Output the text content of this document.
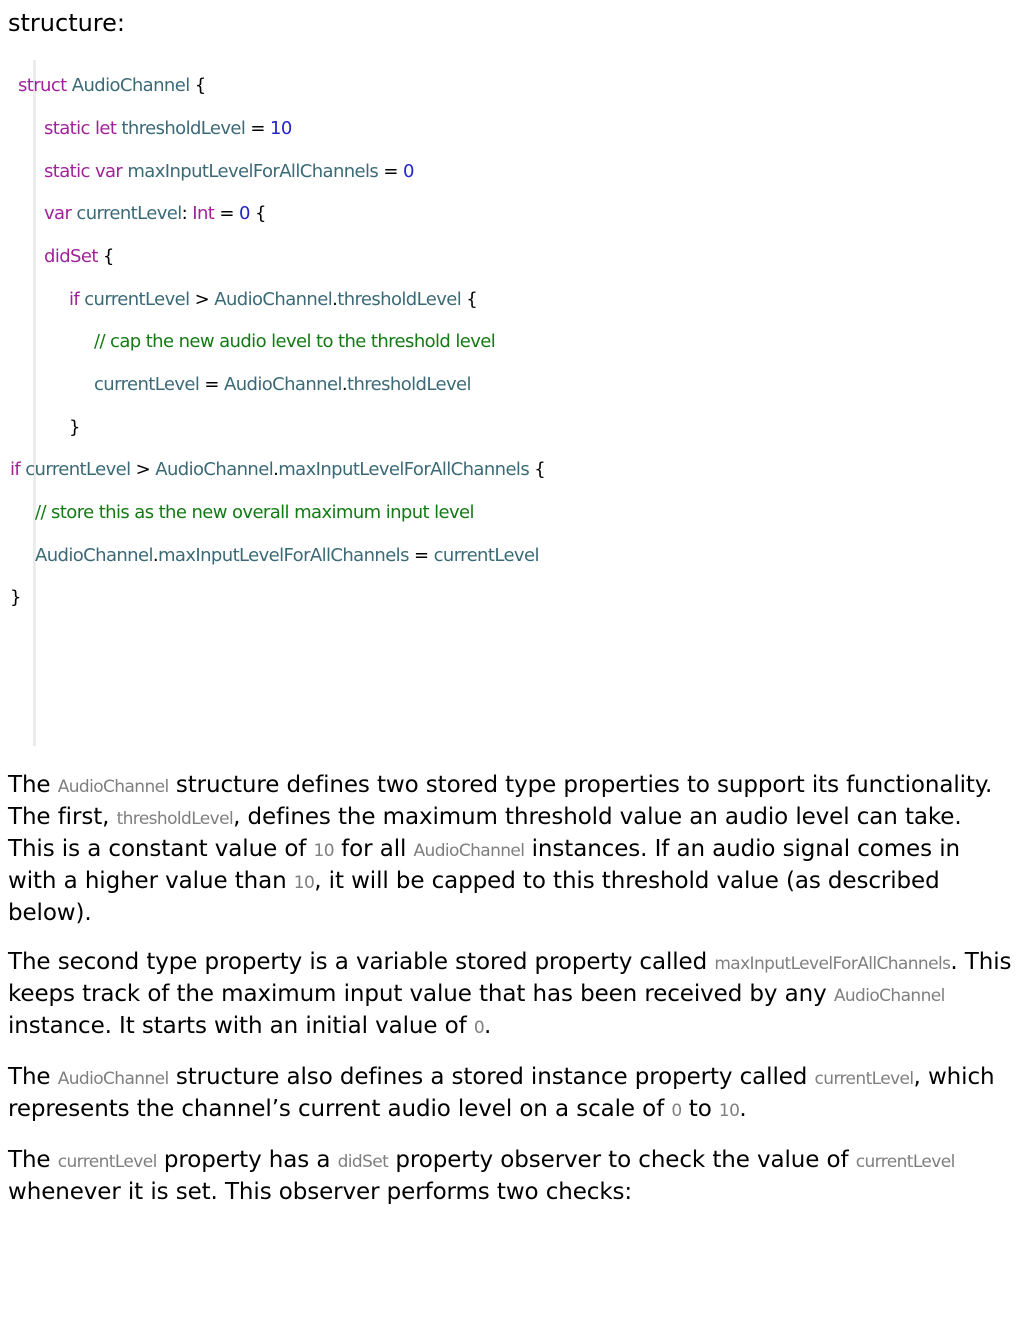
structure:
struct AudioChannel {
static let thresholdLevel = 10
static var maxInputLevelForAllChannels = 0
var currentLevel: Int = 0 {
didSet {
if currentLevel > AudioChannel.thresholdLevel {
// cap the new audio level to the threshold level
currentLevel = AudioChannel.thresholdLevel
}
if currentLevel > AudioChannel.maxInputLevelForAllChannels {
// store this as the new overall maximum input level
AudioChannel.maxInputLevelForAllChannels = currentLevel
}

The AudioChannel structure defines two stored type properties to support its functionality. The first, thresholdLevel, defines the maximum threshold value an audio level can take. This is a constant value of 10 for all AudioChannel instances. If an audio signal comes in with a higher value than 10, it will be capped to this threshold value (as described below).

The second type property is a variable stored property called maxInputLevelForAllChannels. This keeps track of the maximum input value that has been received by any AudioChannel instance. It starts with an initial value of 0.

The AudioChannel structure also defines a stored instance property called currentLevel, which represents the channel’s current audio level on a scale of 0 to 10.

The currentLevel property has a didSet property observer to check the value of currentLevel whenever it is set. This observer performs two checks:
